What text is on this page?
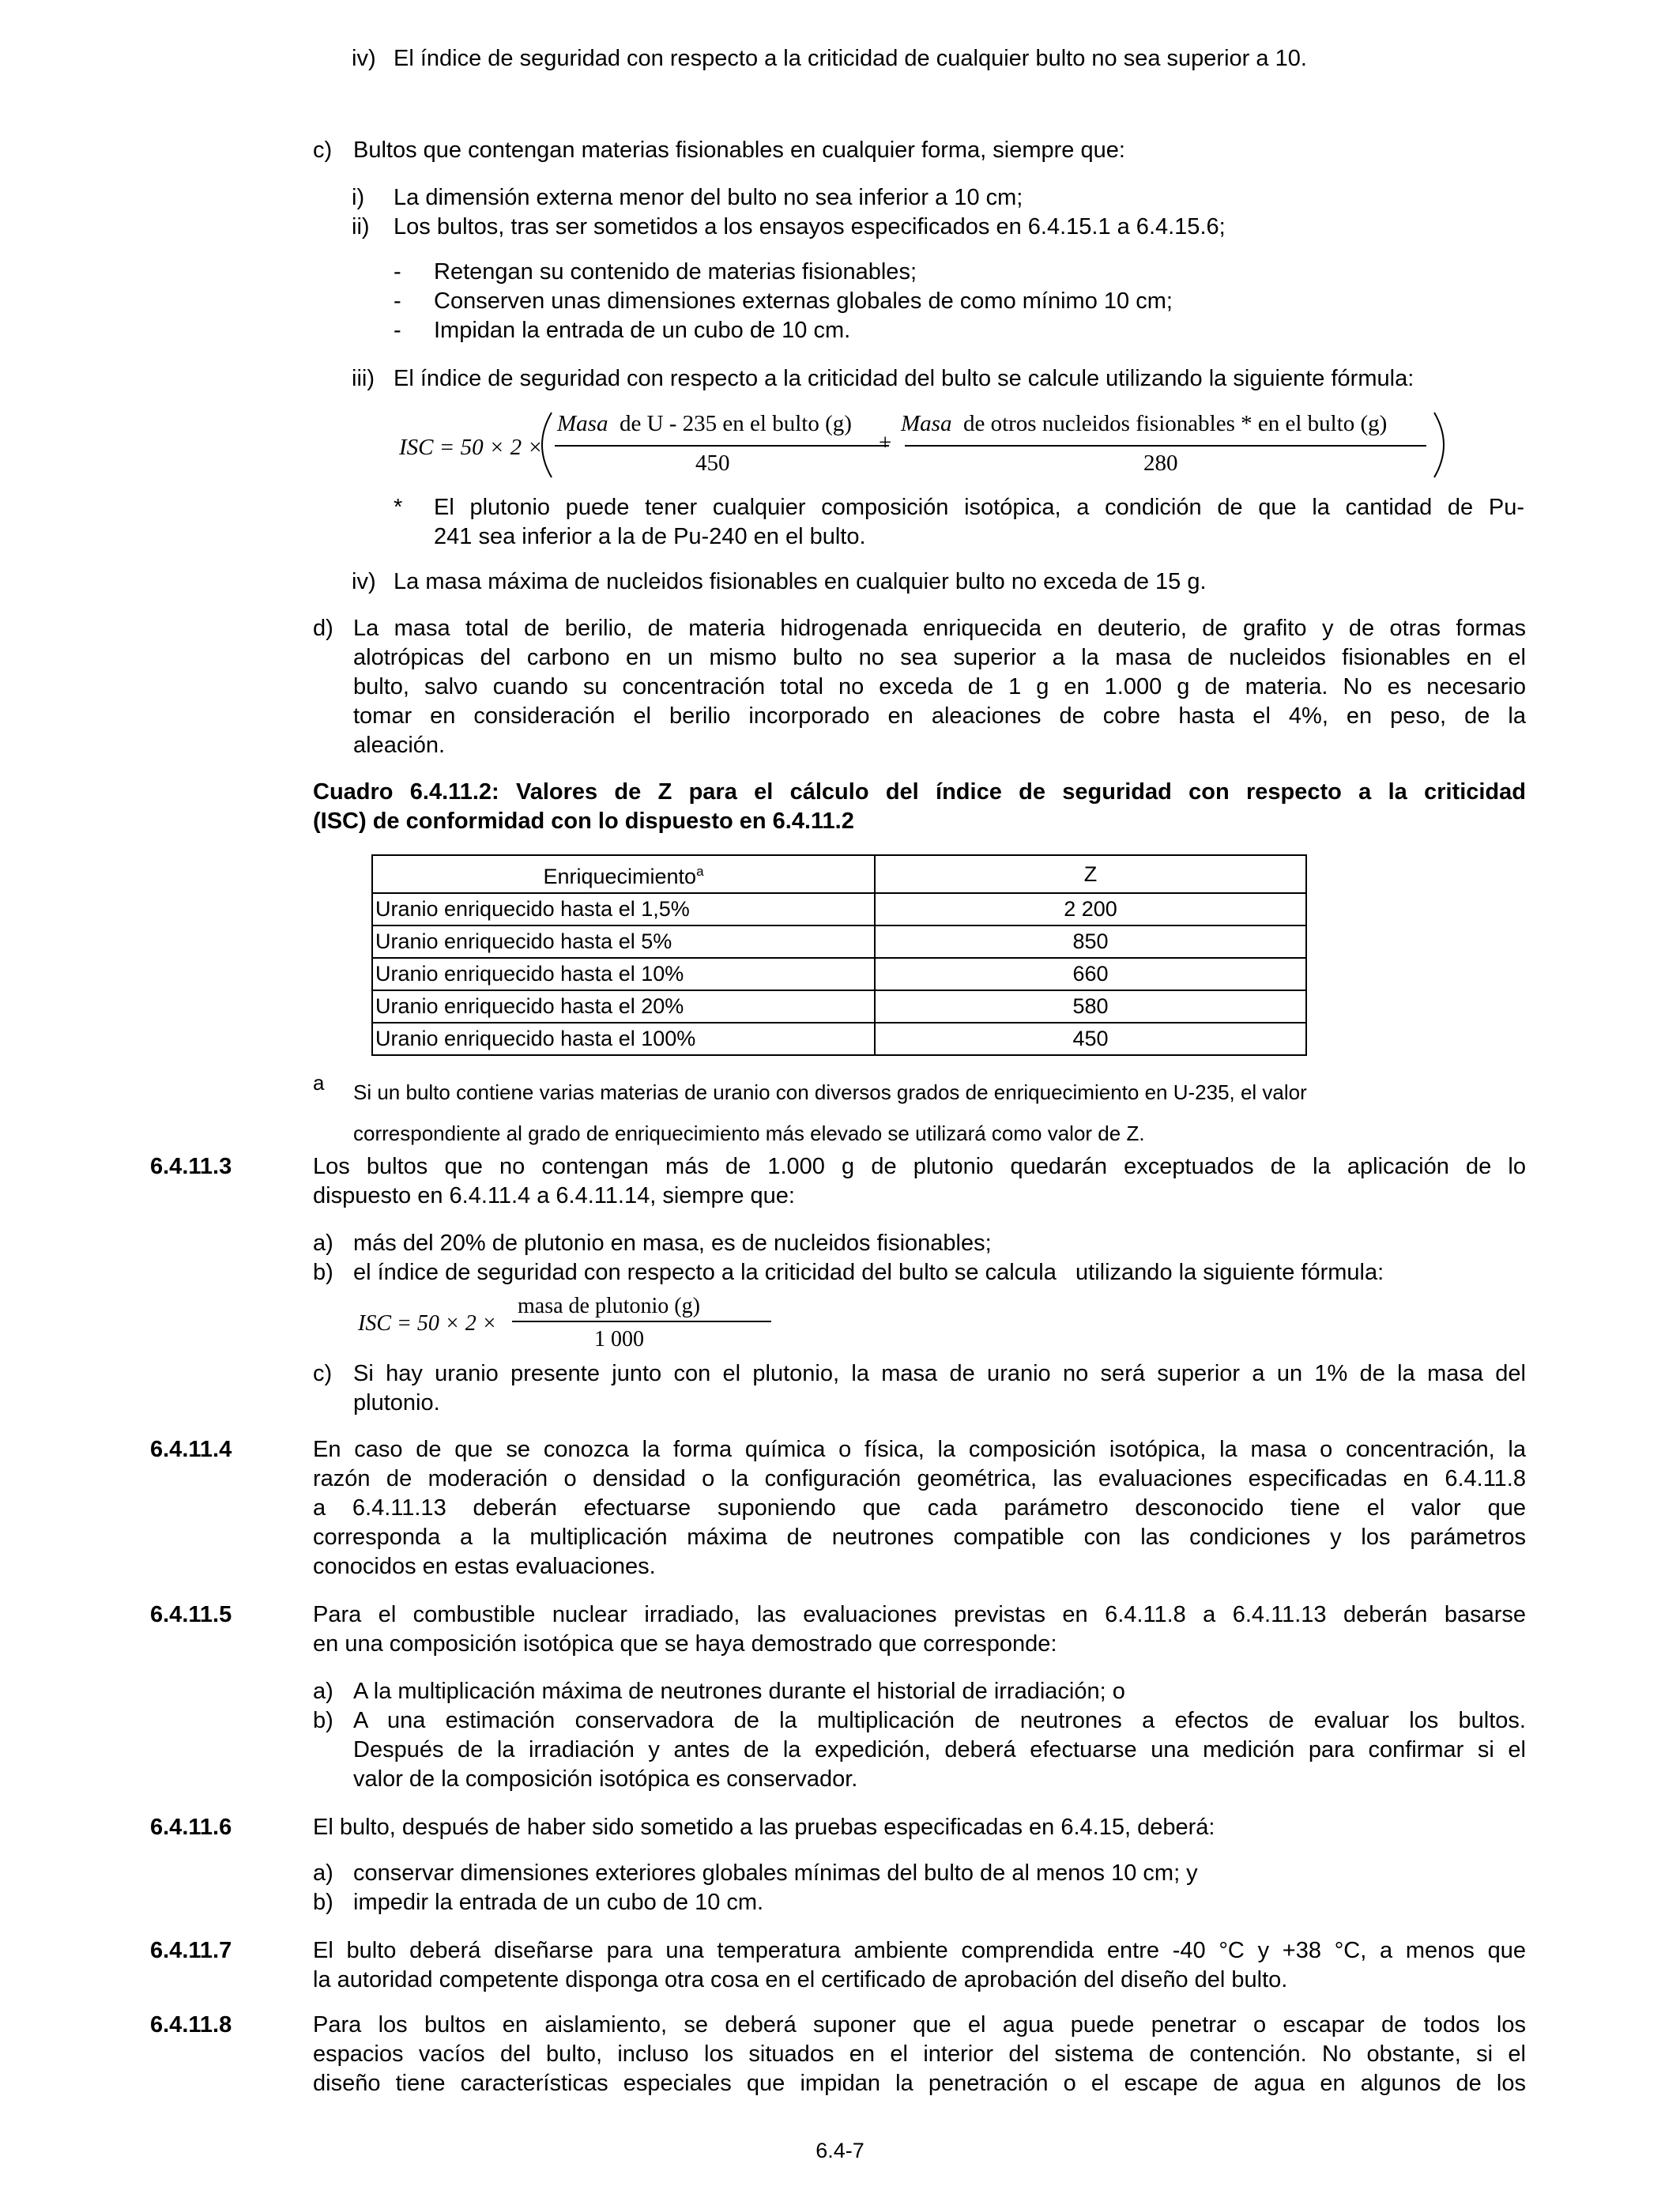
iv) El índice de seguridad con respecto a la criticidad de cualquier bulto no sea superior a 10.
c) Bultos que contengan materias fisionables en cualquier forma, siempre que:
i) La dimensión externa menor del bulto no sea inferior a 10 cm;
ii) Los bultos, tras ser sometidos a los ensayos especificados en 6.4.15.1 a 6.4.15.6;
- Retengan su contenido de materias fisionables;
- Conserven unas dimensiones externas globales de como mínimo 10 cm;
- Impidan la entrada de un cubo de 10 cm.
iii) El índice de seguridad con respecto a la criticidad del bulto se calcule utilizando la siguiente fórmula:
ISC = 50 × 2 ×
Masa de U - 235 en el bulto (g)
450
+
Masa de otros nucleidos fisionables * en el bulto (g)
280
* El plutonio puede tener cualquier composición isotópica, a condición de que la cantidad de Pu-
241 sea inferior a la de Pu-240 en el bulto.
iv) La masa máxima de nucleidos fisionables en cualquier bulto no exceda de 15 g.
d) La masa total de berilio, de materia hidrogenada enriquecida en deuterio, de grafito y de otras formas
alotrópicas del carbono en un mismo bulto no sea superior a la masa de nucleidos fisionables en el
bulto, salvo cuando su concentración total no exceda de 1 g en 1.000 g de materia. No es necesario
tomar en consideración el berilio incorporado en aleaciones de cobre hasta el 4%, en peso, de la
aleación.
Cuadro 6.4.11.2: Valores de Z para el cálculo del índice de seguridad con respecto a la criticidad
(ISC) de conformidad con lo dispuesto en 6.4.11.2
Enriquecimiento$^a$	Z
Uranio enriquecido hasta el 1,5%	2 200
Uranio enriquecido hasta el 5%	850
Uranio enriquecido hasta el 10%	660
Uranio enriquecido hasta el 20%	580
Uranio enriquecido hasta el 100%	450
a Si un bulto contiene varias materias de uranio con diversos grados de enriquecimiento en U-235, el valor
correspondiente al grado de enriquecimiento más elevado se utilizará como valor de Z.
6.4.11.3	Los bultos que no contengan más de 1.000 g de plutonio quedarán exceptuados de la aplicación de lo
dispuesto en 6.4.11.4 a 6.4.11.14, siempre que:
a) más del 20% de plutonio en masa, es de nucleidos fisionables;
b) el índice de seguridad con respecto a la criticidad del bulto se calcula   utilizando la siguiente fórmula:
ISC = 50 × 2 ×
masa de plutonio (g)
1 000
c) Si hay uranio presente junto con el plutonio, la masa de uranio no será superior a un 1% de la masa del
plutonio.
6.4.11.4	En caso de que se conozca la forma química o física, la composición isotópica, la masa o concentración, la
razón de moderación o densidad o la configuración geométrica, las evaluaciones especificadas en 6.4.11.8
a 6.4.11.13 deberán efectuarse suponiendo que cada parámetro desconocido tiene el valor que
corresponda a la multiplicación máxima de neutrones compatible con las condiciones y los parámetros
conocidos en estas evaluaciones.
6.4.11.5	Para el combustible nuclear irradiado, las evaluaciones previstas en 6.4.11.8 a 6.4.11.13 deberán basarse
en una composición isotópica que se haya demostrado que corresponde:
a) A la multiplicación máxima de neutrones durante el historial de irradiación; o
b) A una estimación conservadora de la multiplicación de neutrones a efectos de evaluar los bultos.
Después de la irradiación y antes de la expedición, deberá efectuarse una medición para confirmar si el
valor de la composición isotópica es conservador.
6.4.11.6	El bulto, después de haber sido sometido a las pruebas especificadas en 6.4.15, deberá:
a) conservar dimensiones exteriores globales mínimas del bulto de al menos 10 cm; y
b) impedir la entrada de un cubo de 10 cm.
6.4.11.7	El bulto deberá diseñarse para una temperatura ambiente comprendida entre -40 °C y +38 °C, a menos que
la autoridad competente disponga otra cosa en el certificado de aprobación del diseño del bulto.
6.4.11.8	Para los bultos en aislamiento, se deberá suponer que el agua puede penetrar o escapar de todos los
espacios vacíos del bulto, incluso los situados en el interior del sistema de contención. No obstante, si el
diseño tiene características especiales que impidan la penetración o el escape de agua en algunos de los
6.4-7
